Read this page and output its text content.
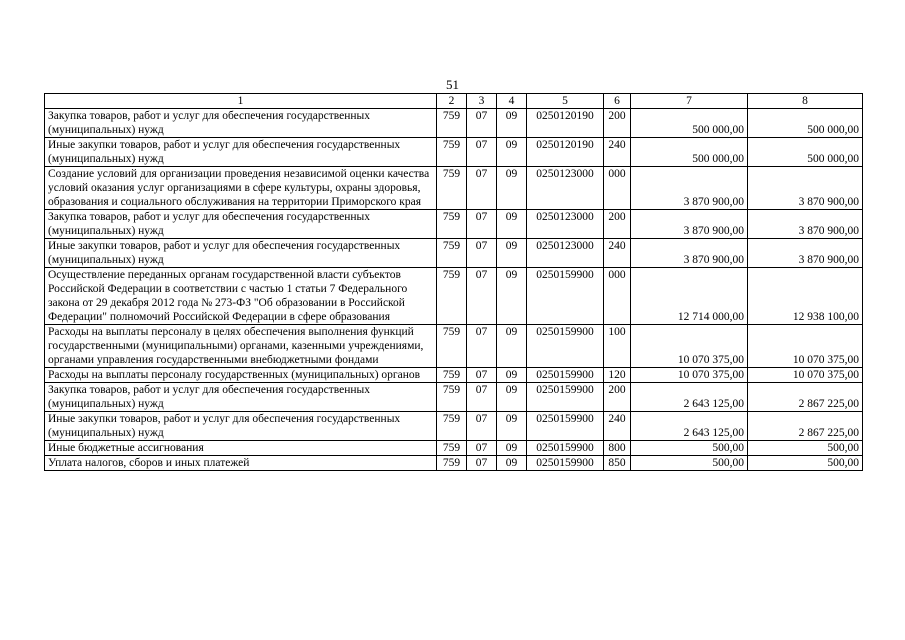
51
1	2	3	4	5	6	7	8
Закупка товаров, работ и услуг для обеспечения государственных (муниципальных) нужд	759	07	09	0250120190	200	500 000,00	500 000,00
Иные закупки товаров, работ и услуг для обеспечения государственных (муниципальных) нужд	759	07	09	0250120190	240	500 000,00	500 000,00
Создание условий для организации проведения независимой оценки качества условий оказания услуг организациями в сфере культуры, охраны здоровья, образования и социального обслуживания на территории Приморского края	759	07	09	0250123000	000	3 870 900,00	3 870 900,00
Закупка товаров, работ и услуг для обеспечения государственных (муниципальных) нужд	759	07	09	0250123000	200	3 870 900,00	3 870 900,00
Иные закупки товаров, работ и услуг для обеспечения государственных (муниципальных) нужд	759	07	09	0250123000	240	3 870 900,00	3 870 900,00
Осуществление переданных органам государственной власти субъектов Российской Федерации в соответствии с частью 1 статьи 7 Федерального закона от 29 декабря 2012 года № 273-ФЗ "Об образовании в Российской Федерации" полномочий Российской Федерации в сфере образования	759	07	09	0250159900	000	12 714 000,00	12 938 100,00
Расходы на выплаты персоналу в целях обеспечения выполнения функций государственными (муниципальными) органами, казенными учреждениями, органами управления государственными внебюджетными фондами	759	07	09	0250159900	100	10 070 375,00	10 070 375,00
Расходы на выплаты персоналу государственных (муниципальных) органов	759	07	09	0250159900	120	10 070 375,00	10 070 375,00
Закупка товаров, работ и услуг для обеспечения государственных (муниципальных) нужд	759	07	09	0250159900	200	2 643 125,00	2 867 225,00
Иные закупки товаров, работ и услуг для обеспечения государственных (муниципальных) нужд	759	07	09	0250159900	240	2 643 125,00	2 867 225,00
Иные бюджетные ассигнования	759	07	09	0250159900	800	500,00	500,00
Уплата налогов, сборов и иных платежей	759	07	09	0250159900	850	500,00	500,00
